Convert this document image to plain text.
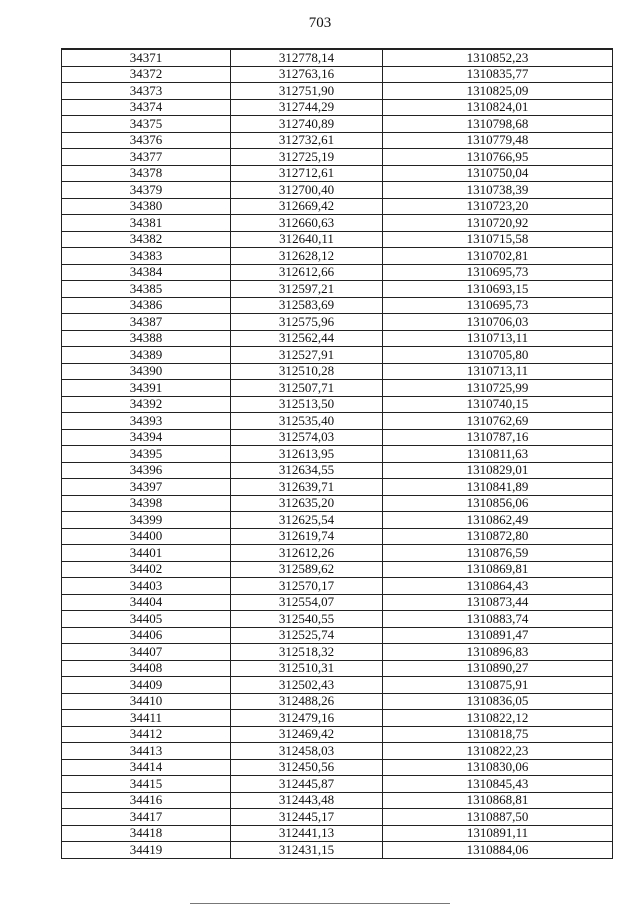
703
34371	312778,14	1310852,23
34372	312763,16	1310835,77
34373	312751,90	1310825,09
34374	312744,29	1310824,01
34375	312740,89	1310798,68
34376	312732,61	1310779,48
34377	312725,19	1310766,95
34378	312712,61	1310750,04
34379	312700,40	1310738,39
34380	312669,42	1310723,20
34381	312660,63	1310720,92
34382	312640,11	1310715,58
34383	312628,12	1310702,81
34384	312612,66	1310695,73
34385	312597,21	1310693,15
34386	312583,69	1310695,73
34387	312575,96	1310706,03
34388	312562,44	1310713,11
34389	312527,91	1310705,80
34390	312510,28	1310713,11
34391	312507,71	1310725,99
34392	312513,50	1310740,15
34393	312535,40	1310762,69
34394	312574,03	1310787,16
34395	312613,95	1310811,63
34396	312634,55	1310829,01
34397	312639,71	1310841,89
34398	312635,20	1310856,06
34399	312625,54	1310862,49
34400	312619,74	1310872,80
34401	312612,26	1310876,59
34402	312589,62	1310869,81
34403	312570,17	1310864,43
34404	312554,07	1310873,44
34405	312540,55	1310883,74
34406	312525,74	1310891,47
34407	312518,32	1310896,83
34408	312510,31	1310890,27
34409	312502,43	1310875,91
34410	312488,26	1310836,05
34411	312479,16	1310822,12
34412	312469,42	1310818,75
34413	312458,03	1310822,23
34414	312450,56	1310830,06
34415	312445,87	1310845,43
34416	312443,48	1310868,81
34417	312445,17	1310887,50
34418	312441,13	1310891,11
34419	312431,15	1310884,06
